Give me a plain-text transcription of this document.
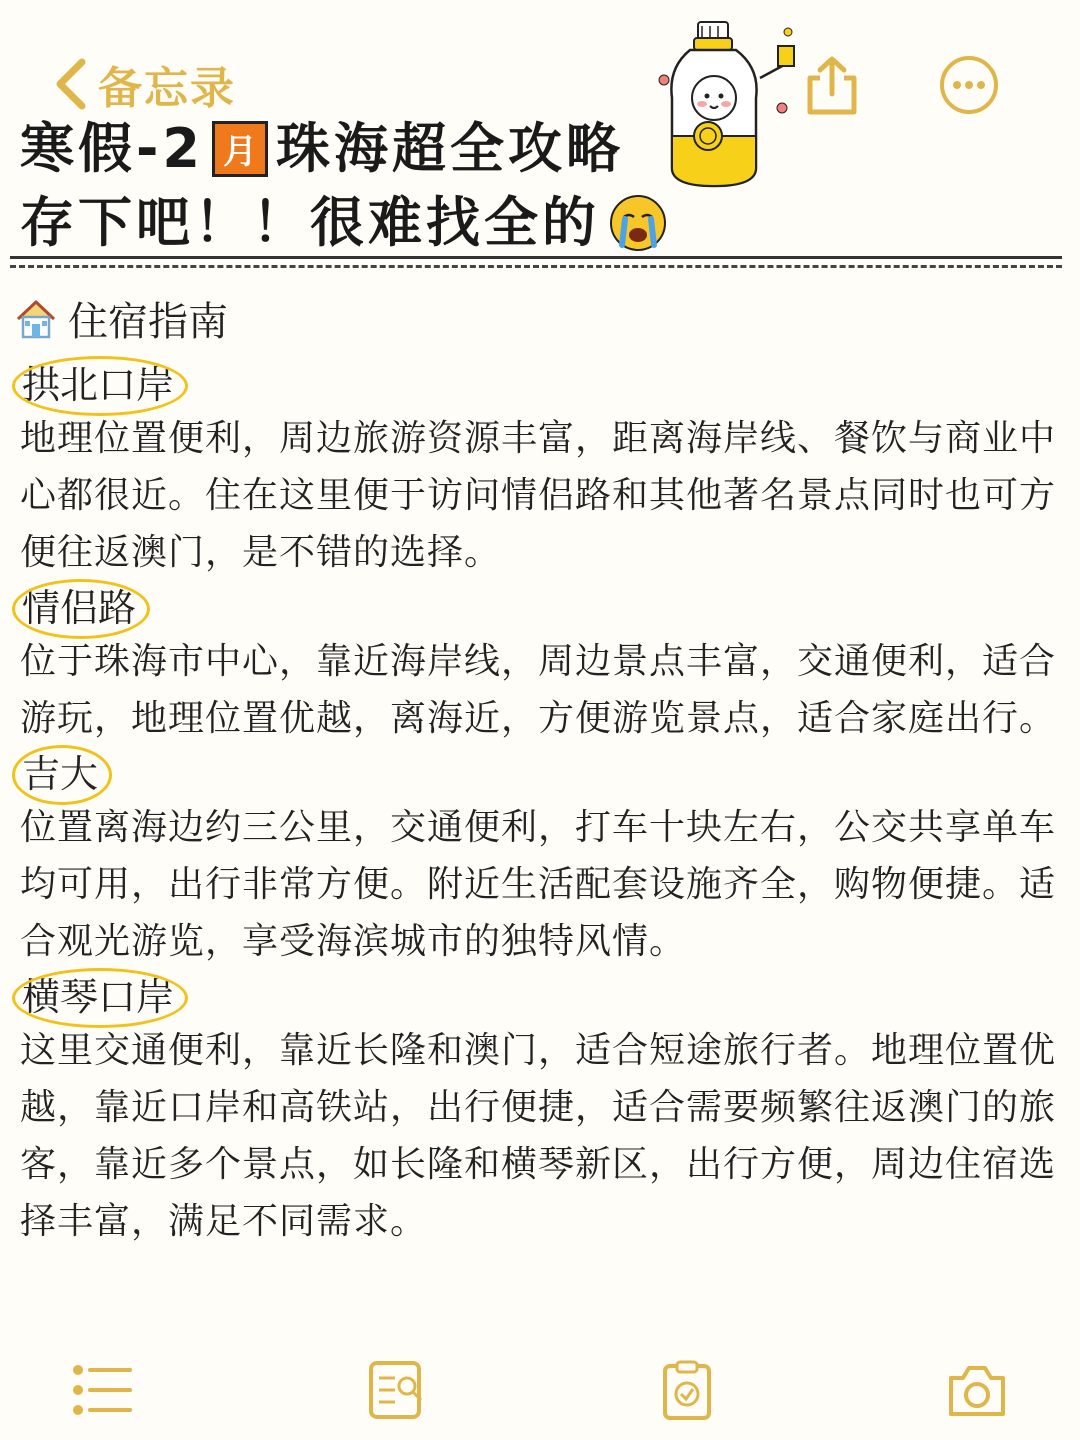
备忘录
寒假-2 月 珠海超全攻略
存下吧！！很难找全的
住宿指南
拱北口岸
地理位置便利，周边旅游资源丰富，距离海岸线、餐饮与商业中心都很近。住在这里便于访问情侣路和其他著名景点同时也可方便往返澳门，是不错的选择。
情侣路
位于珠海市中心，靠近海岸线，周边景点丰富，交通便利，适合游玩，地理位置优越，离海近，方便游览景点，适合家庭出行。
吉大
位置离海边约三公里，交通便利，打车十块左右，公交共享单车均可用，出行非常方便。附近生活配套设施齐全，购物便捷。适合观光游览，享受海滨城市的独特风情。
横琴口岸
这里交通便利，靠近长隆和澳门，适合短途旅行者。地理位置优越，靠近口岸和高铁站，出行便捷，适合需要频繁往返澳门的旅客，靠近多个景点，如长隆和横琴新区，出行方便，周边住宿选择丰富，满足不同需求。
